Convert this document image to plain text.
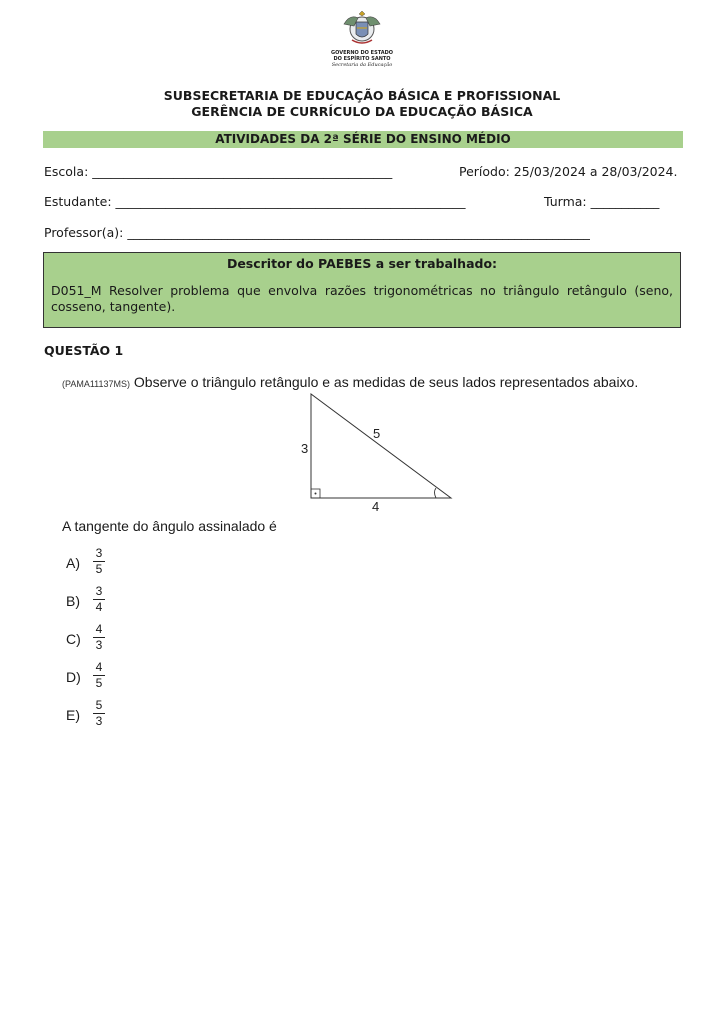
GOVERNO DO ESTADO
DO ESPÍRITO SANTO
Secretaria da Educação
SUBSECRETARIA DE EDUCAÇÃO BÁSICA E PROFISSIONAL
GERÊNCIA DE CURRÍCULO DA EDUCAÇÃO BÁSICA
ATIVIDADES DA 2ª SÉRIE DO ENSINO MÉDIO
Escola: ________________________________________________	Período: 25/03/2024 a 28/03/2024.
Estudante: ________________________________________________________	Turma: ___________
Professor(a): __________________________________________________________________________
Descritor do PAEBES a ser trabalhado:
D051_M Resolver problema que envolva razões trigonométricas no triângulo retângulo (seno, cosseno, tangente).
QUESTÃO 1
(PAMA11137MS) Observe o triângulo retângulo e as medidas de seus lados representados abaixo.
3
5
4
A tangente do ângulo assinalado é
$A) \frac{3}{5}$
$B) \frac{3}{4}$
$C) \frac{4}{3}$
$D) \frac{4}{5}$
$E) \frac{5}{3}$
